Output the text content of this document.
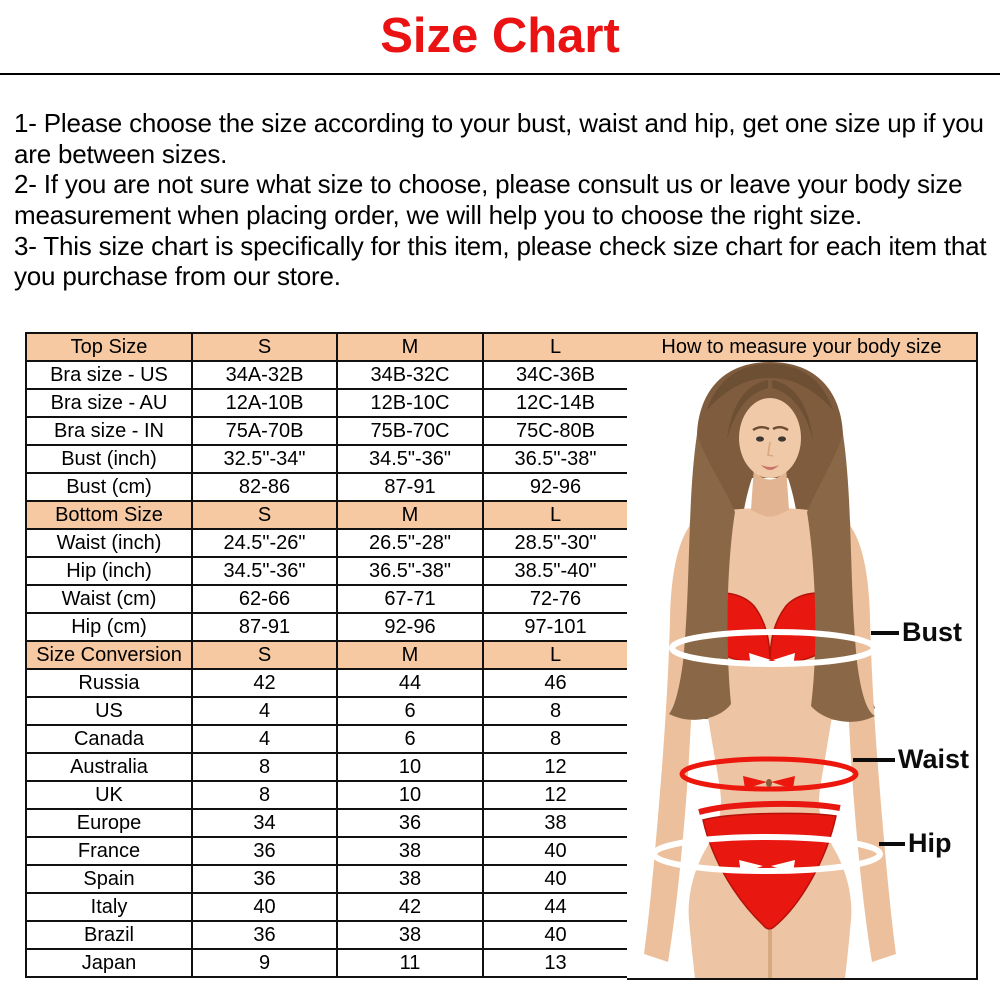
Size Chart

1- Please choose the size according to your bust, waist and hip, get one size up if you are between sizes.

2- If you are not sure what size to choose, please consult us or leave your body size measurement when placing order, we will help you to choose the right size.

3- This size chart is specifically for this item, please check size chart for each item that you purchase from our store.

Top Size	S	M	L
Bra size - US	34A-32B	34B-32C	34C-36B
Bra size - AU	12A-10B	12B-10C	12C-14B
Bra size - IN	75A-70B	75B-70C	75C-80B
Bust (inch)	32.5"-34"	34.5"-36"	36.5"-38"
Bust (cm)	82-86	87-91	92-96
Bottom Size	S	M	L
Waist (inch)	24.5"-26"	26.5"-28"	28.5"-30"
Hip (inch)	34.5"-36"	36.5"-38"	38.5"-40"
Waist (cm)	62-66	67-71	72-76
Hip (cm)	87-91	92-96	97-101
Size Conversion	S	M	L
Russia	42	44	46
US	4	6	8
Canada	4	6	8
Australia	8	10	12
UK	8	10	12
Europe	34	36	38
France	36	38	40
Spain	36	38	40
Italy	40	42	44
Brazil	36	38	40
Japan	9	11	13
How to measure your body size
Bust
Waist
Hip
